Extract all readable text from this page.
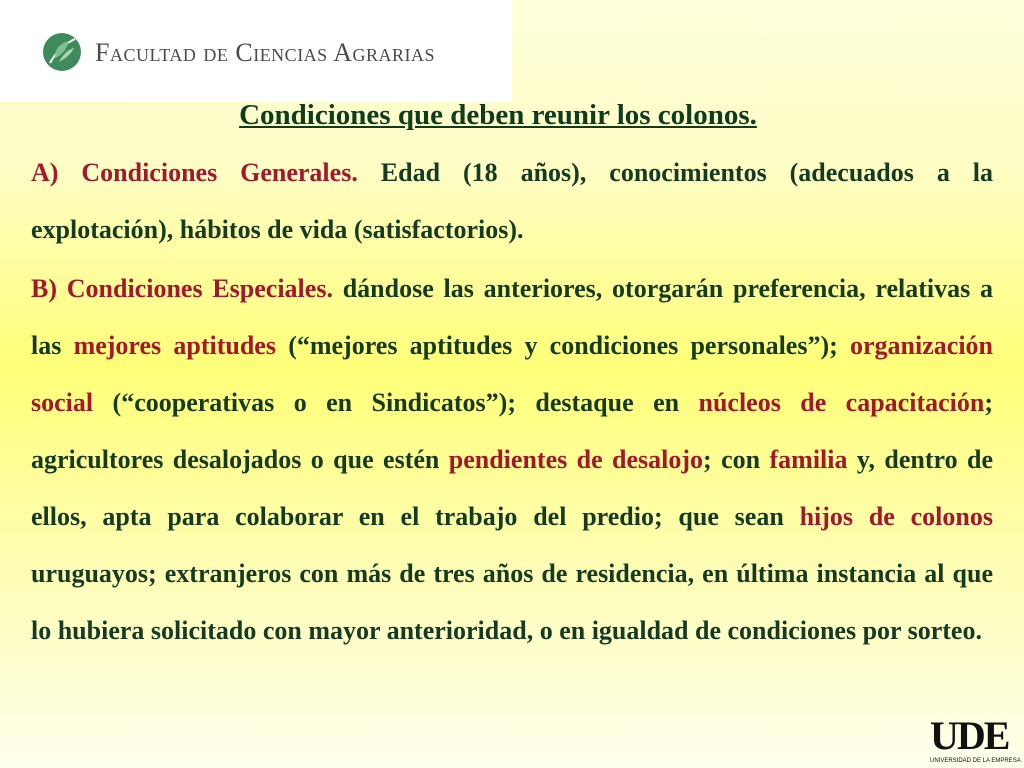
Facultad de Ciencias Agrarias
Condiciones que deben reunir los colonos.
A) Condiciones Generales. Edad (18 años), conocimientos (adecuados a la explotación), hábitos de vida (satisfactorios).
B) Condiciones Especiales. dándose las anteriores, otorgarán preferencia, relativas a las mejores aptitudes (“mejores aptitudes y condiciones personales”); organización social (“cooperativas o en Sindicatos”); destaque en núcleos de capacitación; agricultores desalojados o que estén pendientes de desalojo; con familia y, dentro de ellos, apta para colaborar en el trabajo del predio; que sean hijos de colonos uruguayos; extranjeros con más de tres años de residencia, en última instancia al que lo hubiera solicitado con mayor anterioridad, o en igualdad de condiciones por sorteo.
UDE
UNIVERSIDAD DE LA EMPRESA
